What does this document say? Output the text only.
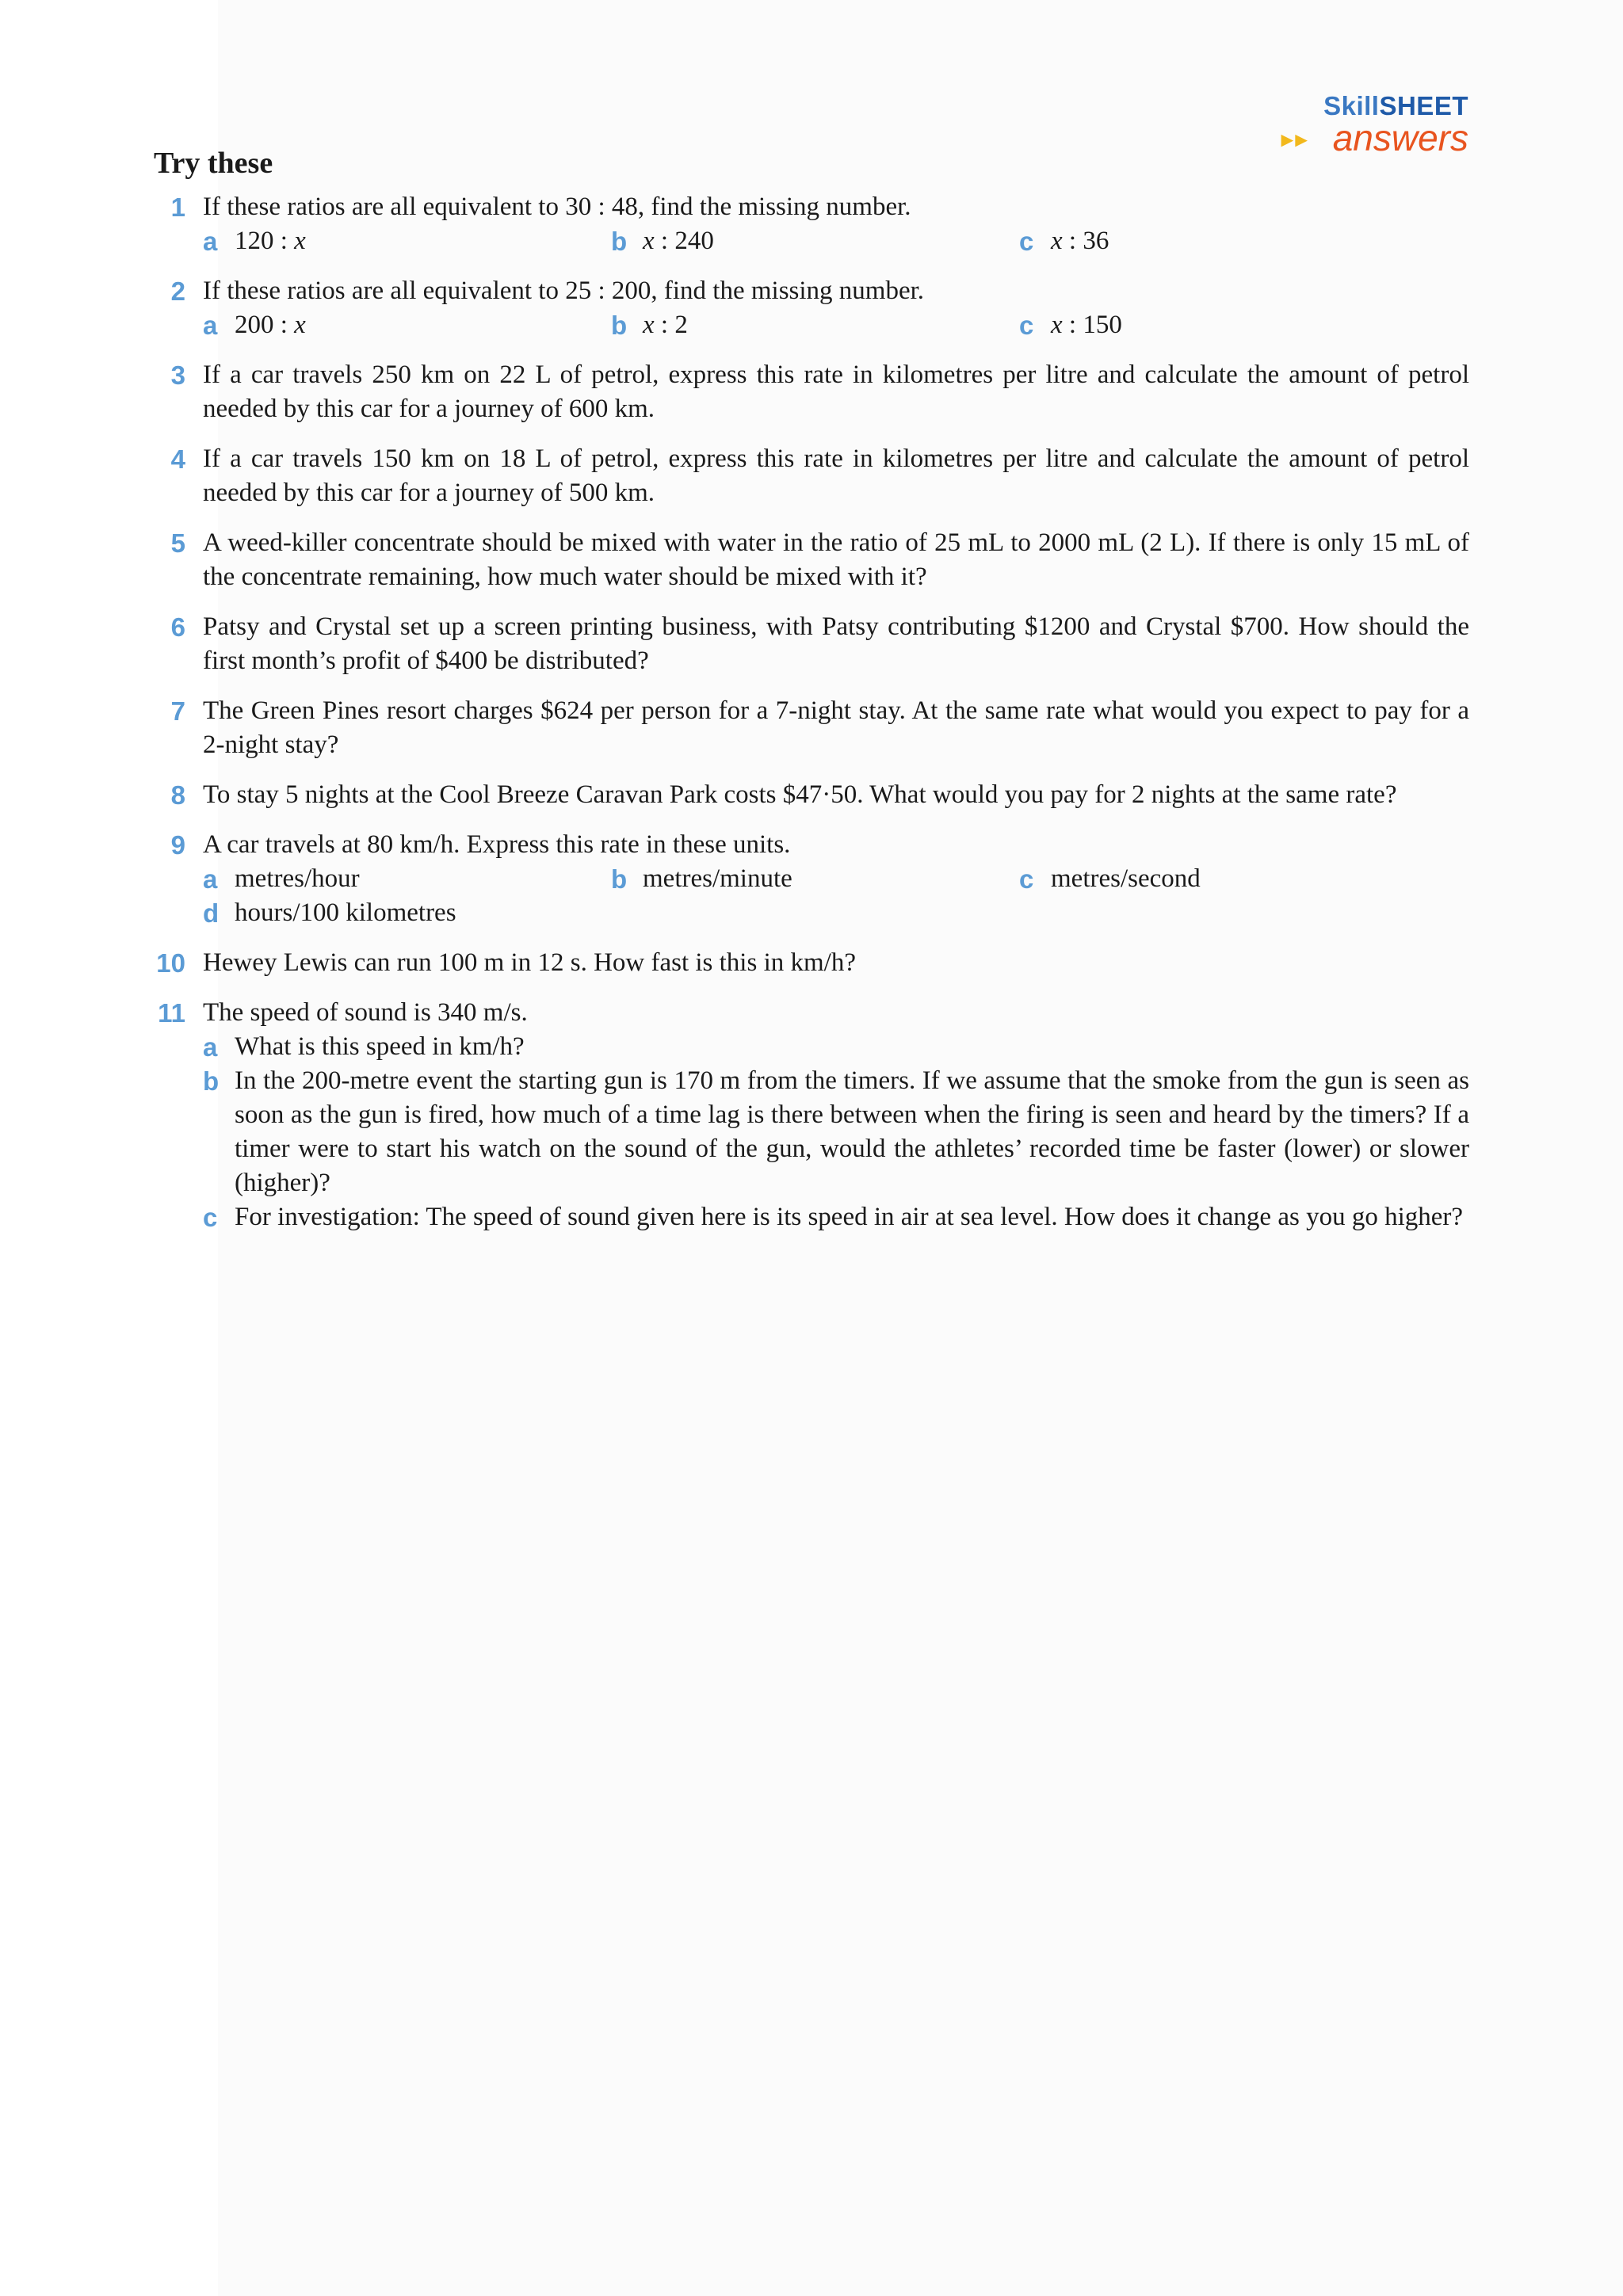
SkillSHEET
►► answers
Try these
1 If these ratios are all equivalent to 30 : 48, find the missing number.
a 120 : x	b x : 240	c x : 36
2 If these ratios are all equivalent to 25 : 200, find the missing number.
a 200 : x	b x : 2	c x : 150
3 If a car travels 250 km on 22 L of petrol, express this rate in kilometres per litre and calculate the amount of petrol needed by this car for a journey of 600 km.
4 If a car travels 150 km on 18 L of petrol, express this rate in kilometres per litre and calculate the amount of petrol needed by this car for a journey of 500 km.
5 A weed-killer concentrate should be mixed with water in the ratio of 25 mL to 2000 mL (2 L). If there is only 15 mL of the concentrate remaining, how much water should be mixed with it?
6 Patsy and Crystal set up a screen printing business, with Patsy contributing $1200 and Crystal $700. How should the first month’s profit of $400 be distributed?
7 The Green Pines resort charges $624 per person for a 7-night stay. At the same rate what would you expect to pay for a 2-night stay?
8 To stay 5 nights at the Cool Breeze Caravan Park costs $47·50. What would you pay for 2 nights at the same rate?
9 A car travels at 80 km/h. Express this rate in these units.
a metres/hour	b metres/minute	c metres/second
d hours/100 kilometres
10 Hewey Lewis can run 100 m in 12 s. How fast is this in km/h?
11 The speed of sound is 340 m/s.
a What is this speed in km/h?
b In the 200-metre event the starting gun is 170 m from the timers. If we assume that the smoke from the gun is seen as soon as the gun is fired, how much of a time lag is there between when the firing is seen and heard by the timers? If a timer were to start his watch on the sound of the gun, would the athletes’ recorded time be faster (lower) or slower (higher)?
c For investigation: The speed of sound given here is its speed in air at sea level. How does it change as you go higher?
